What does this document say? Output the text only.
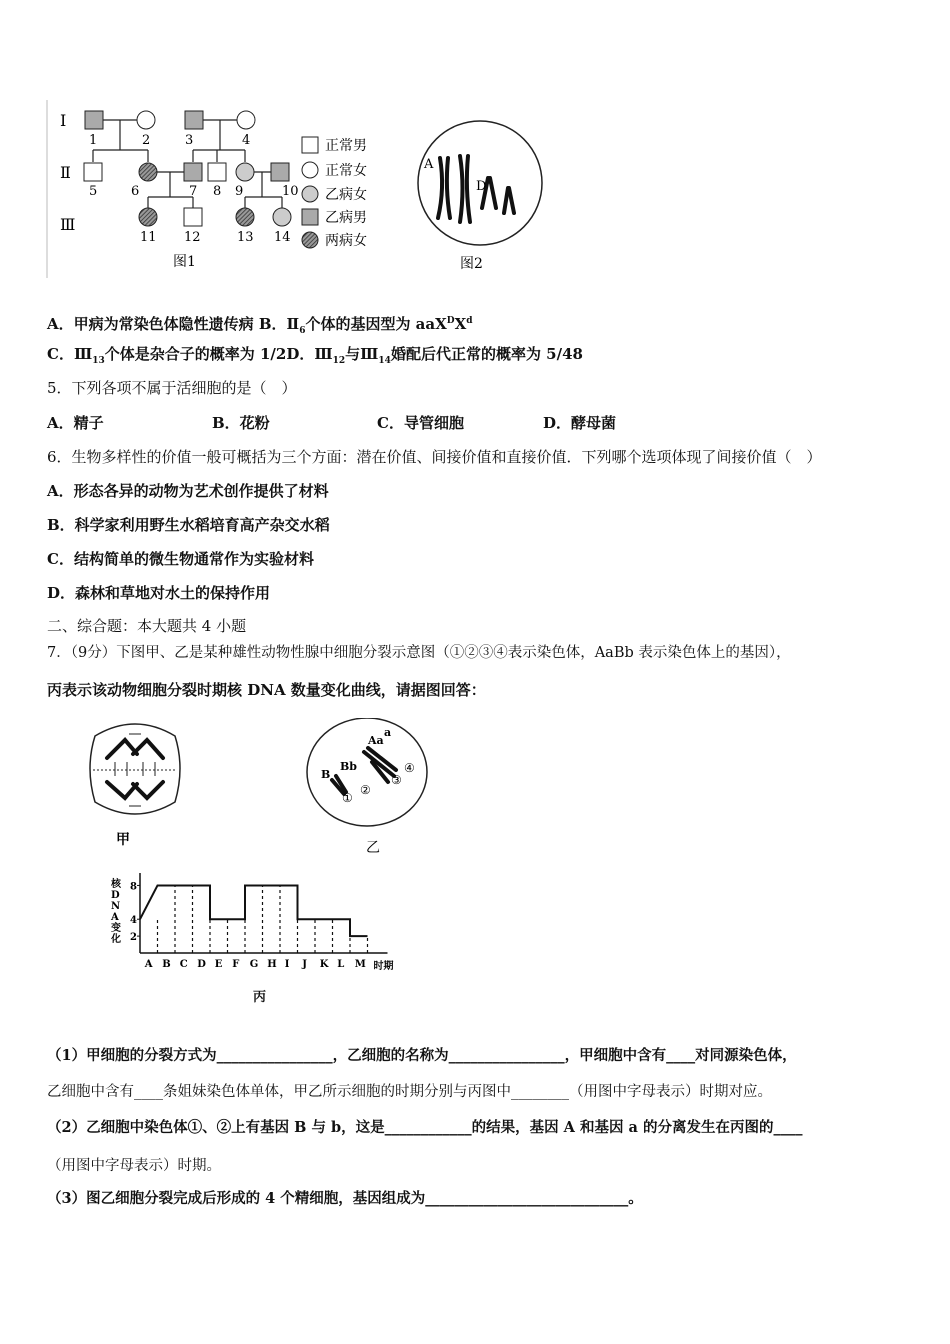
Ⅰ
Ⅱ
Ⅲ
1	2	3	4
5	6	7 8 9	10
11 12	13 14
正常男
正常女
乙病女
乙病男
两病女
图1
A
D
图2
A．甲病为常染色体隐性遗传病 B．$Ⅱ_6$个体的基因型为 $aaX^DX^d$
C．$Ⅲ_{13}$个体是杂合子的概率为 1/2D．$Ⅲ_{12}$与$Ⅲ_{14}$婚配后代正常的概率为 5/48
5．下列各项不属于活细胞的是（　）
A．精子	B．花粉	C．导管细胞	D．酵母菌
6．生物多样性的价值一般可概括为三个方面：潜在价值、间接价值和直接价值．下列哪个选项体现了间接价值（　）
A．形态各异的动物为艺术创作提供了材料
B．科学家利用野生水稻培育高产杂交水稻
C．结构简单的微生物通常作为实验材料
D．森林和草地对水土的保持作用
二、综合题：本大题共 4 小题
7．（9分）下图甲、乙是某种雄性动物性腺中细胞分裂示意图（①②③④表示染色体，AaBb 表示染色体上的基因），
丙表示该动物细胞分裂时期核 DNA 数量变化曲线，请据图回答：
甲
B
Bb
Aa
a
①
②
③
④
乙
2
4
8
A B C D E F G H I J K L M 时期
核 D N A 变化
丙
（1）甲细胞的分裂方式为________________，乙细胞的名称为________________，甲细胞中含有____对同源染色体，
乙细胞中含有____条姐妹染色体单体，甲乙所示细胞的时期分别与丙图中________（用图中字母表示）时期对应。
（2）乙细胞中染色体①、②上有基因 B 与 b，这是____________的结果，基因 A 和基因 a 的分离发生在丙图的____
（用图中字母表示）时期。
（3）图乙细胞分裂完成后形成的 4 个精细胞，基因组成为____________________________。
